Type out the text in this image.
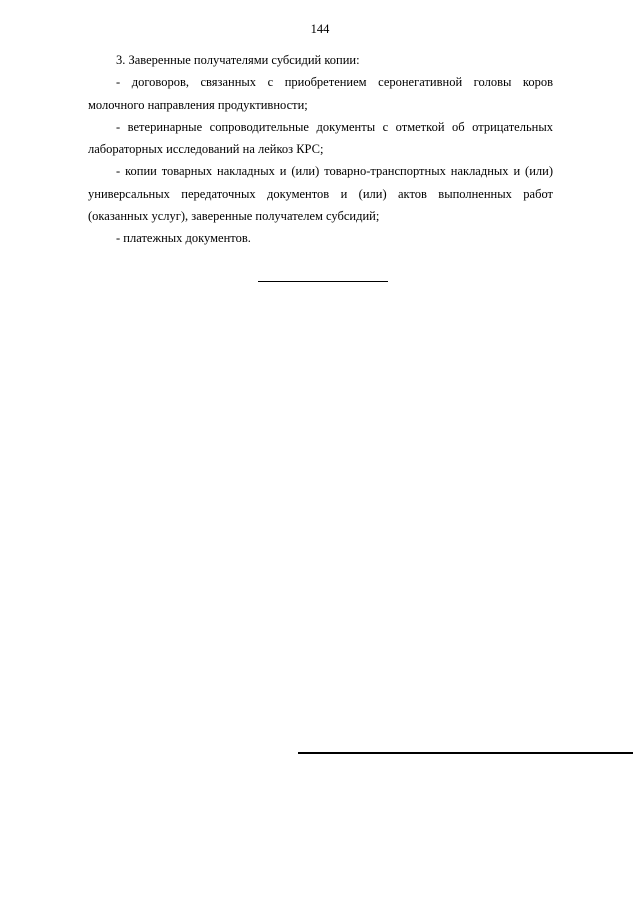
144

3. Заверенные получателями субсидий копии:

- договоров, связанных с приобретением серонегативной головы коров молочного направления продуктивности;

- ветеринарные сопроводительные документы с отметкой об отрицательных лабораторных исследований на лейкоз КРС;

- копии товарных накладных и (или) товарно-транспортных накладных и (или) универсальных передаточных документов и (или) актов выполненных работ (оказанных услуг), заверенные получателем субсидий;

- платежных документов.
